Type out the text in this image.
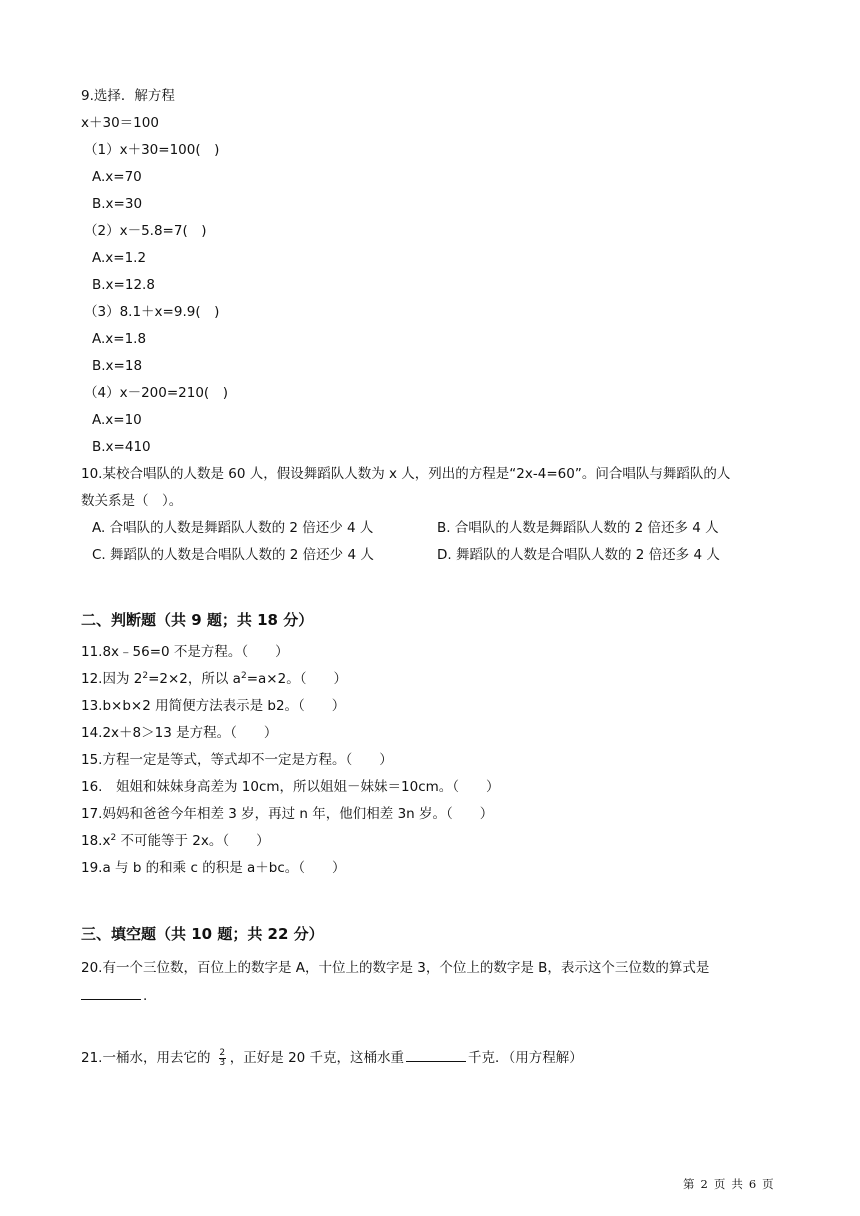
9.选择．解方程
x＋30＝100
（1）x＋30=100(　)
A.x=70
B.x=30
（2）x－5.8=7(　)
A.x=1.2
B.x=12.8
（3）8.1＋x=9.9(　)
A.x=1.8
B.x=18
（4）x－200=210(　)
A.x=10
B.x=410
10.某校合唱队的人数是 60 人，假设舞蹈队人数为 x 人，列出的方程是“2x-4=60”。问合唱队与舞蹈队的人
数关系是（　）。
A. 合唱队的人数是舞蹈队人数的 2 倍还少 4 人	B. 合唱队的人数是舞蹈队人数的 2 倍还多 4 人
C. 舞蹈队的人数是合唱队人数的 2 倍还少 4 人	D. 舞蹈队的人数是合唱队人数的 2 倍还多 4 人
二、判断题（共 9 题；共 18 分）
11.8x﹣56=0 不是方程。（　　）
12.因为 $2^2=2\times 2$，所以 $a^2=a\times 2$。（　　）
13.b×b×2 用简便方法表示是 b2。（　　）
14.2x＋8＞13 是方程。（　　）
15.方程一定是等式，等式却不一定是方程。（　　）
16.　姐姐和妹妹身高差为 10cm，所以姐姐－妹妹＝10cm。（　　）
17.妈妈和爸爸今年相差 3 岁，再过 n 年，他们相差 3n 岁。（　　）
$18.x^2$ 不可能等于 2x。（　　）
19.a 与 b 的和乘 c 的积是 a＋bc。（　　）
三、填空题（共 10 题；共 22 分）
20.有一个三位数，百位上的数字是 A，十位上的数字是 3，个位上的数字是 B，表示这个三位数的算式是
.
21.一桶水，用去它的 $\frac{2}{3}$ ，正好是 20 千克，这桶水重	千克．（用方程解）
第 2 页 共 6 页
